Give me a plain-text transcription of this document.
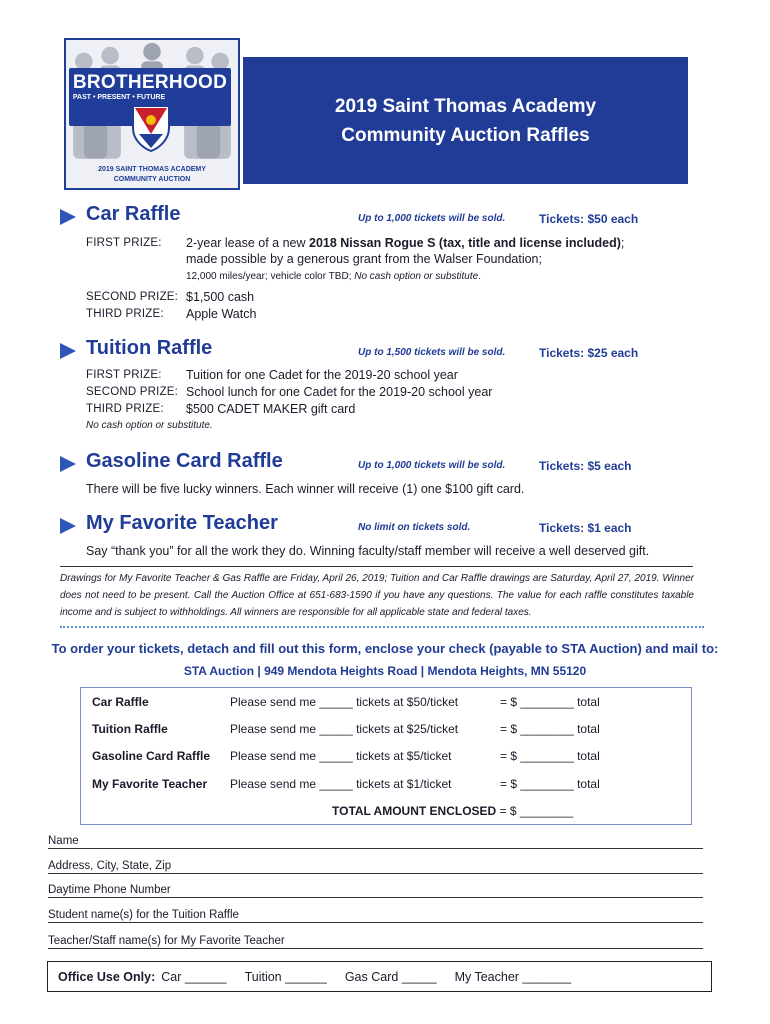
BROTHERHOOD
PAST • PRESENT • FUTURE
2019 SAINT THOMAS ACADEMY
COMMUNITY AUCTION
2019 Saint Thomas Academy
Community Auction Raffles
Car Raffle	Up to 1,000 tickets will be sold.	Tickets: $50 each
FIRST PRIZE: 2-year lease of a new 2018 Nissan Rogue S (tax, title and license included);
made possible by a generous grant from the Walser Foundation;
12,000 miles/year; vehicle color TBD; No cash option or substitute.
SECOND PRIZE: $1,500 cash
THIRD PRIZE: Apple Watch
Tuition Raffle	Up to 1,500 tickets will be sold.	Tickets: $25 each
FIRST PRIZE: Tuition for one Cadet for the 2019-20 school year
SECOND PRIZE: School lunch for one Cadet for the 2019-20 school year
THIRD PRIZE: $500 CADET MAKER gift card
No cash option or substitute.
Gasoline Card Raffle	Up to 1,000 tickets will be sold.	Tickets: $5 each
There will be five lucky winners. Each winner will receive (1) one $100 gift card.
My Favorite Teacher	No limit on tickets sold.	Tickets: $1 each
Say “thank you” for all the work they do. Winning faculty/staff member will receive a well deserved gift.
Drawings for My Favorite Teacher & Gas Raffle are Friday, April 26, 2019; Tuition and Car Raffle drawings are Saturday, April 27, 2019. Winner does not need to be present. Call the Auction Office at 651-683-1590 if you have any questions. The value for each raffle constitutes taxable income and is subject to withholdings. All winners are responsible for all applicable state and federal taxes.
To order your tickets, detach and fill out this form, enclose your check (payable to STA Auction) and mail to:
STA Auction | 949 Mendota Heights Road | Mendota Heights, MN 55120
Car Raffle	Please send me _____ tickets at $50/ticket	= $ ________ total
Tuition Raffle	Please send me _____ tickets at $25/ticket	= $ ________ total
Gasoline Card Raffle Please send me _____ tickets at $5/ticket	= $ ________ total
My Favorite Teacher Please send me _____ tickets at $1/ticket	= $ ________ total
TOTAL AMOUNT ENCLOSED = $ ________
Name
Address, City, State, Zip
Daytime Phone Number
Student name(s) for the Tuition Raffle
Teacher/Staff name(s) for My Favorite Teacher
Office Use Only: Car ______ Tuition ______ Gas Card _____ My Teacher _______
